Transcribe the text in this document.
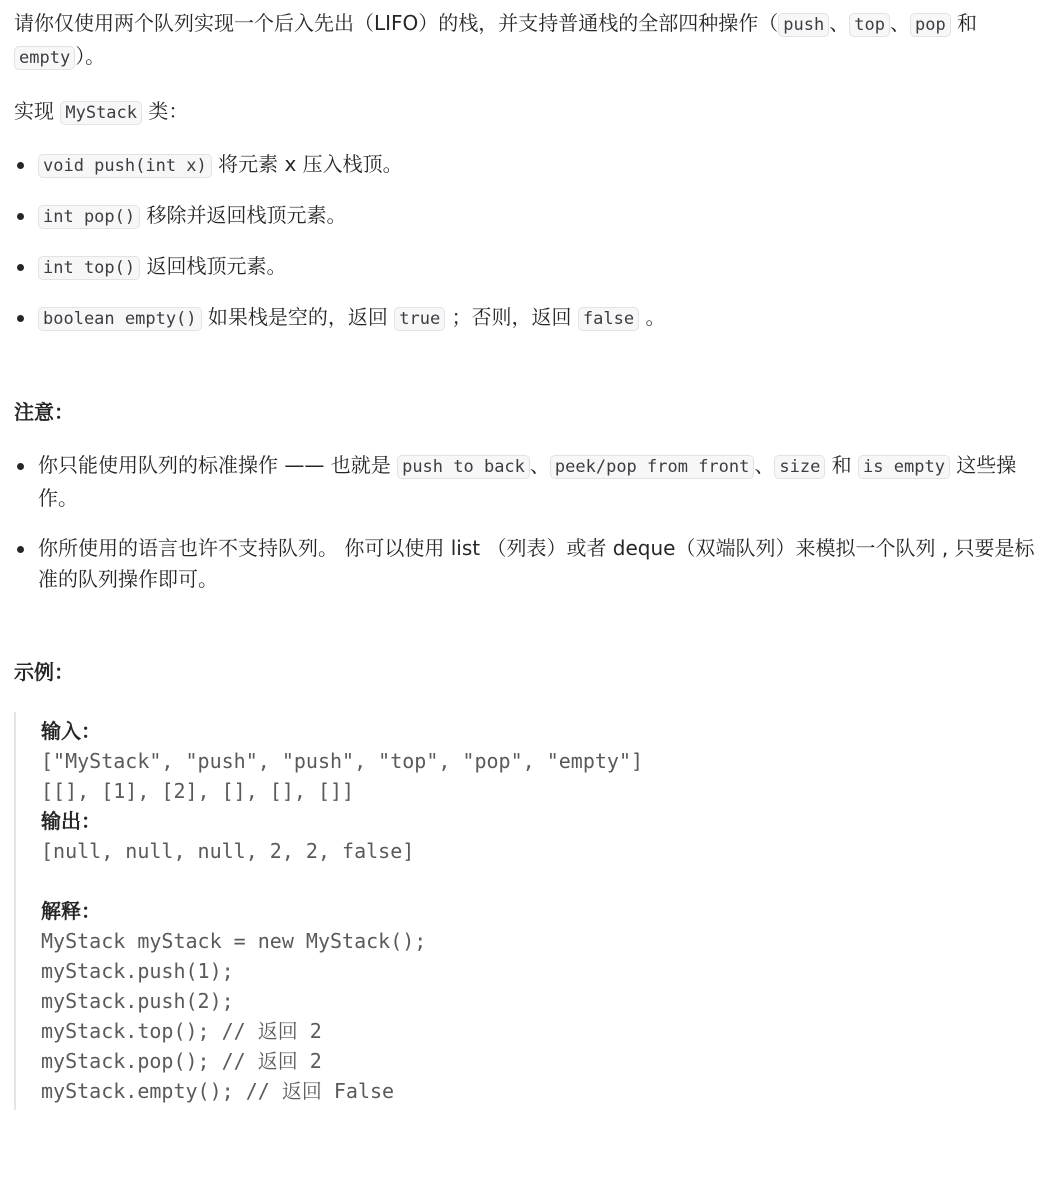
请你仅使用两个队列实现一个后入先出（LIFO）的栈，并支持普通栈的全部四种操作（ push 、 top 、 pop 和 empty ）。

实现 MyStack 类：

void push(int x) 将元素 x 压入栈顶。
int pop() 移除并返回栈顶元素。
int top() 返回栈顶元素。
boolean empty() 如果栈是空的，返回 true ；否则，返回 false 。

注意：

你只能使用队列的标准操作 —— 也就是 push to back 、 peek/pop from front 、 size 和 is empty 这些操作。
你所使用的语言也许不支持队列。 你可以使用 list （列表）或者 deque（双端队列）来模拟一个队列 , 只要是标准的队列操作即可。

示例：

输入：
["MyStack", "push", "push", "top", "pop", "empty"]
[[], [1], [2], [], [], []]
输出：
[null, null, null, 2, 2, false]
解释：
MyStack myStack = new MyStack();
myStack.push(1);
myStack.push(2);
myStack.top(); // 返回 2
myStack.pop(); // 返回 2
myStack.empty(); // 返回 False
